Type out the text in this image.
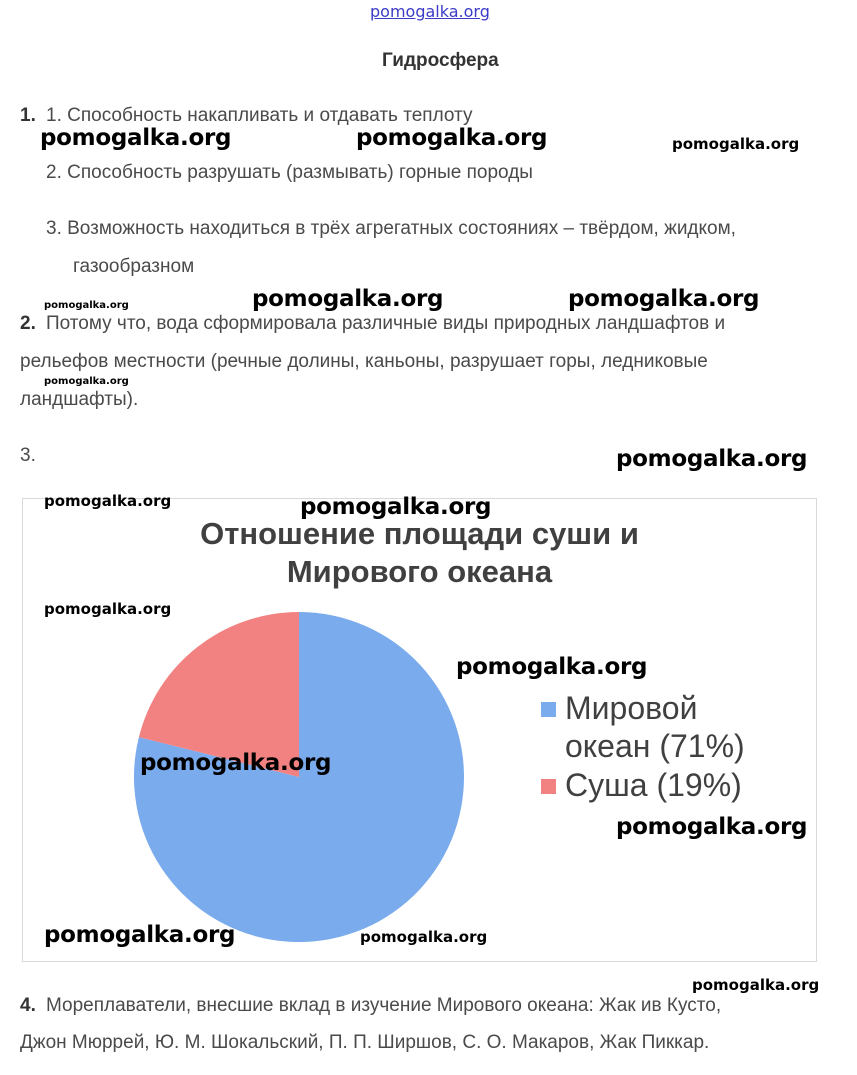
pomogalka.org
Гидросфера
1. 1. Способность накапливать и отдавать теплоту
2. Способность разрушать (размывать) горные породы
3. Возможность находиться в трёх агрегатных состояниях – твёрдом, жидком,
газообразном
2. Потому что, вода сформировала различные виды природных ландшафтов и
рельефов местности (речные долины, каньоны, разрушает горы, ледниковые
ландшафты).
3.
Отношение площади суши и
Мирового океана
Мировой
океан (71%)
Суша (19%)
4. Мореплаватели, внесшие вклад в изучение Мирового океана: Жак ив Кусто,
Джон Мюррей, Ю. М. Шокальский, П. П. Ширшов, С. О. Макаров, Жак Пиккар.
pomogalka.org	pomogalka.org	pomogalka.org
pomogalka.org	pomogalka.org	pomogalka.org
pomogalka.org
pomogalka.org
pomogalka.org	pomogalka.org
pomogalka.org
pomogalka.org
pomogalka.org
pomogalka.org
pomogalka.org	pomogalka.org
pomogalka.org
